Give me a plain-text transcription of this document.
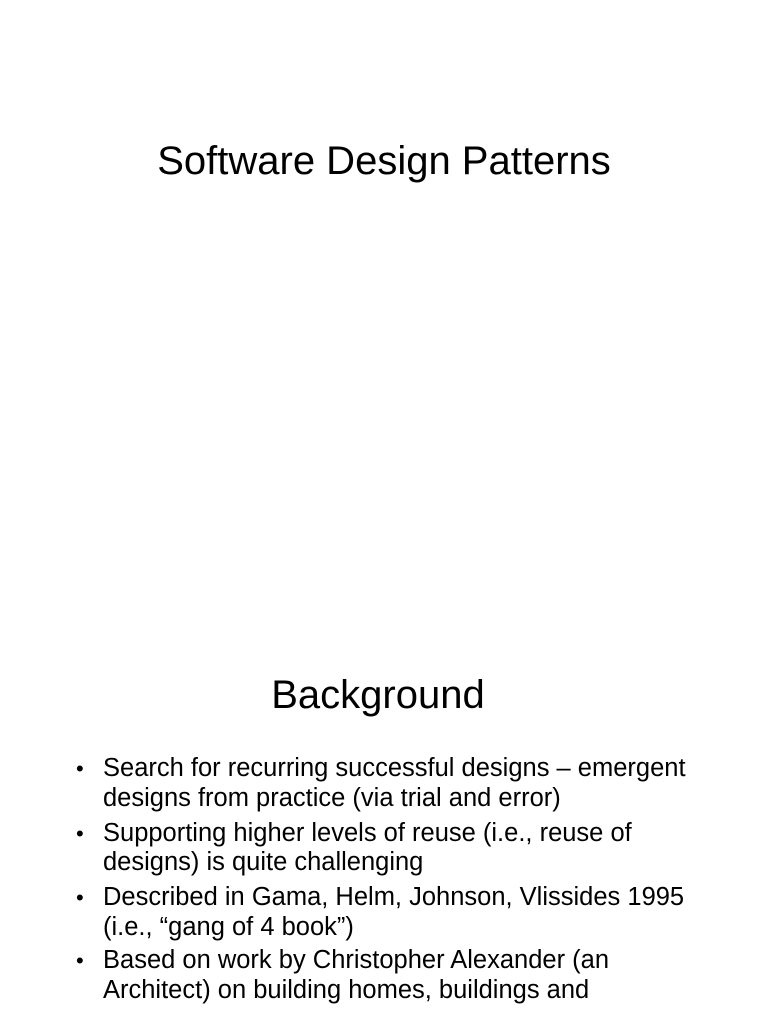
Software Design Patterns
Background
• Search for recurring successful designs – emergent designs from practice (via trial and error)
• Supporting higher levels of reuse (i.e., reuse of designs) is quite challenging
• Described in Gama, Helm, Johnson, Vlissides 1995 (i.e., “gang of 4 book”)
• Based on work by Christopher Alexander (an Architect) on building homes, buildings and
